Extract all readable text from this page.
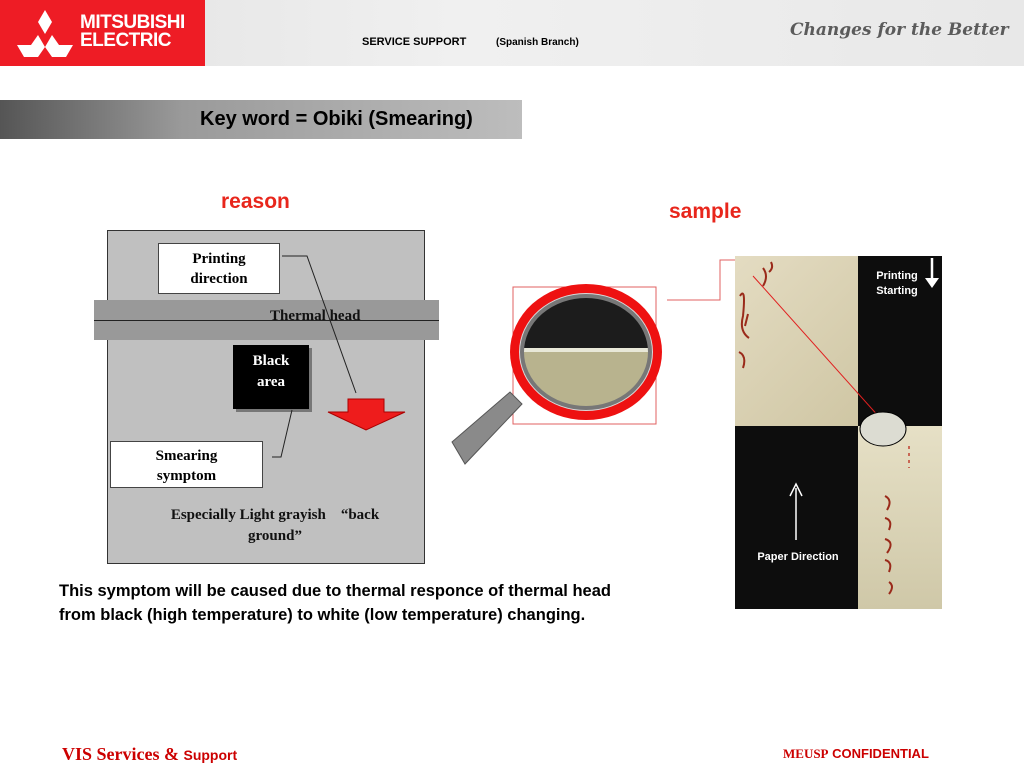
MITSUBISHI
ELECTRIC	SERVICE SUPPORT	(Spanish Branch)
Changes for the Better
Key word = Obiki (Smearing)
reason
Thermal head
Printing
direction
Black
area
Smearing
symptom
Especially Light grayish    “back
ground”
sample
Printing
Starting
Paper Direction
This symptom will be caused due to thermal responce of thermal head from black (high temperature) to white (low temperature) changing.
VIS Services & Support	MEUSP CONFIDENTIAL
